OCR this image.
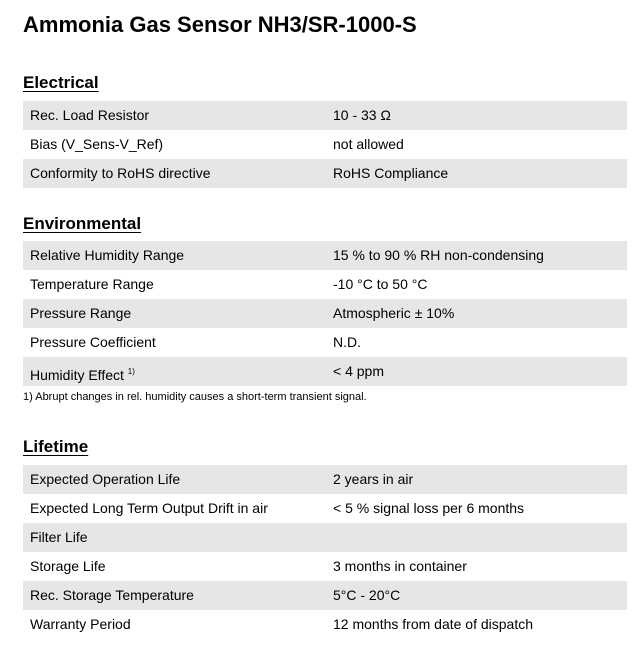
Ammonia Gas Sensor NH3/SR-1000-S
Electrical
Rec. Load Resistor	10 - 33 Ω
Bias (V_Sens-V_Ref)	not allowed
Conformity to RoHS directive	RoHS Compliance
Environmental
Relative Humidity Range	15 % to 90 % RH non-condensing
Temperature Range	-10 °C to 50 °C
Pressure Range	Atmospheric ± 10%
Pressure Coefficient	N.D.
Humidity Effect $^{1)}$	< 4 ppm
1) Abrupt changes in rel. humidity causes a short-term transient signal.
Lifetime
Expected Operation Life	2 years in air
Expected Long Term Output Drift in air	< 5 % signal loss per 6 months
Filter Life
Storage Life	3 months in container
Rec. Storage Temperature	5°C - 20°C
Warranty Period	12 months from date of dispatch
